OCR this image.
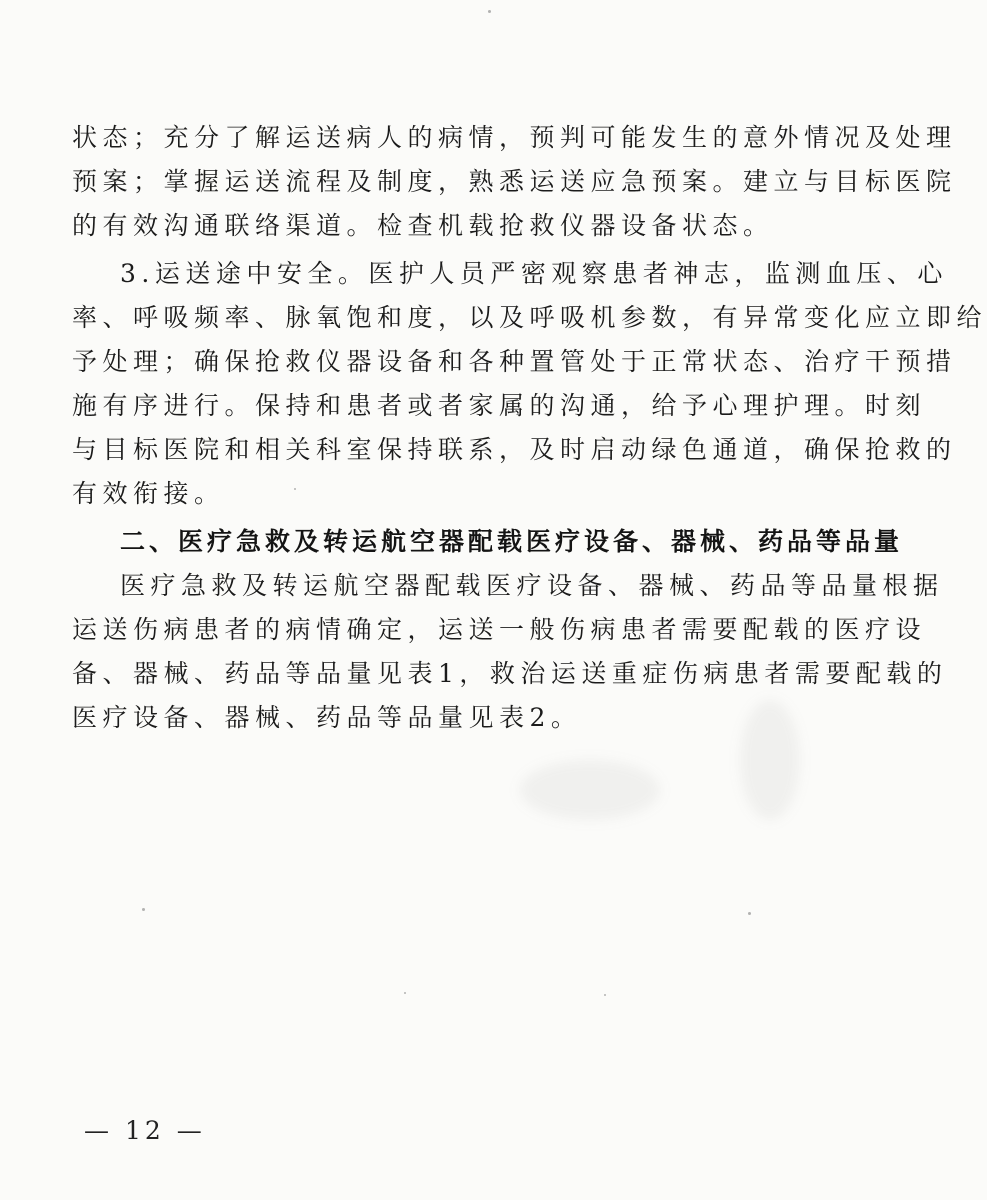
状态；充分了解运送病人的病情，预判可能发生的意外情况及处理
预案；掌握运送流程及制度，熟悉运送应急预案。建立与目标医院
的有效沟通联络渠道。检查机载抢救仪器设备状态。
3.运送途中安全。医护人员严密观察患者神志，监测血压、心
率、呼吸频率、脉氧饱和度，以及呼吸机参数，有异常变化应立即给
予处理；确保抢救仪器设备和各种置管处于正常状态、治疗干预措
施有序进行。保持和患者或者家属的沟通，给予心理护理。时刻
与目标医院和相关科室保持联系，及时启动绿色通道，确保抢救的
有效衔接。
二、医疗急救及转运航空器配载医疗设备、器械、药品等品量
医疗急救及转运航空器配载医疗设备、器械、药品等品量根据
运送伤病患者的病情确定，运送一般伤病患者需要配载的医疗设
备、器械、药品等品量见表1，救治运送重症伤病患者需要配载的
医疗设备、器械、药品等品量见表2。
— 12 —
